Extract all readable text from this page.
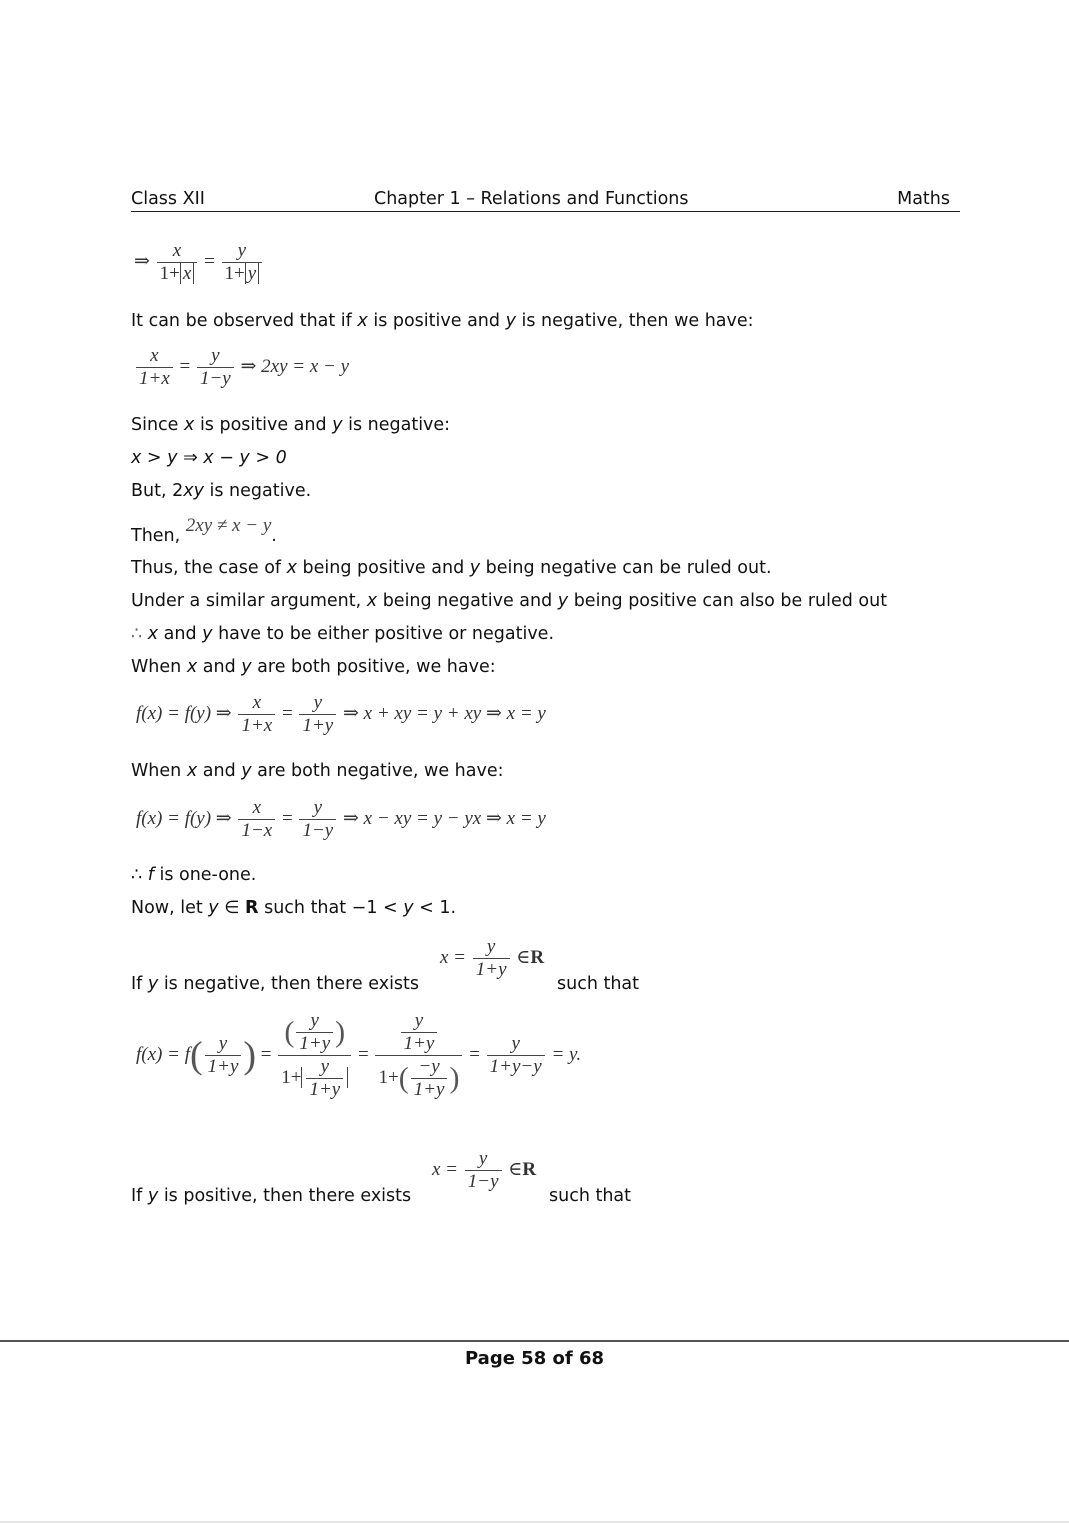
Class XII	Chapter 1 – Relations and Functions	Maths
⇒ $\frac{x}{1+ x} = \frac{y}{1+ y}$
It can be observed that if x is positive and y is negative, then we have:
$\frac{x}{1+x} = \frac{y}{1-y}$ ⇒ 2xy = x − y
Since x is positive and y is negative:
x > y ⇒ x − y > 0
But, 2xy is negative.
Then, 2xy ≠ x − y.
Thus, the case of x being positive and y being negative can be ruled out.
Under a similar argument, x being negative and y being positive can also be ruled out
∴ x and y have to be either positive or negative.
When x and y are both positive, we have:
f(x) = f(y) ⇒ $\frac{x}{1+x} = \frac{y}{1+y}$ ⇒ x + xy = y + xy ⇒ x = y
When x and y are both negative, we have:
f(x) = f(y) ⇒ $\frac{x}{1-x} = \frac{y}{1-y}$ ⇒ x − xy = y − yx ⇒ x = y
∴ f is one-one.
Now, let y ∈ R such that −1 < y < 1.
If y is negative, then there exists	such that
$x = \frac{y}{1+y}$ ∈R
$f(x) = f( \frac{y}{1+y}$ ) = $\frac{( \frac{y}{1+y} )}{1+ \frac{y}{1+y}} = \frac{\frac{y}{1+y}}{1+( \frac{-y}{1+y} )} = \frac{y}{1+y-y} = y$.
$x = \frac{y}{1-y}$ ∈R
If y is positive, then there exists	such that
Page 58 of 68
